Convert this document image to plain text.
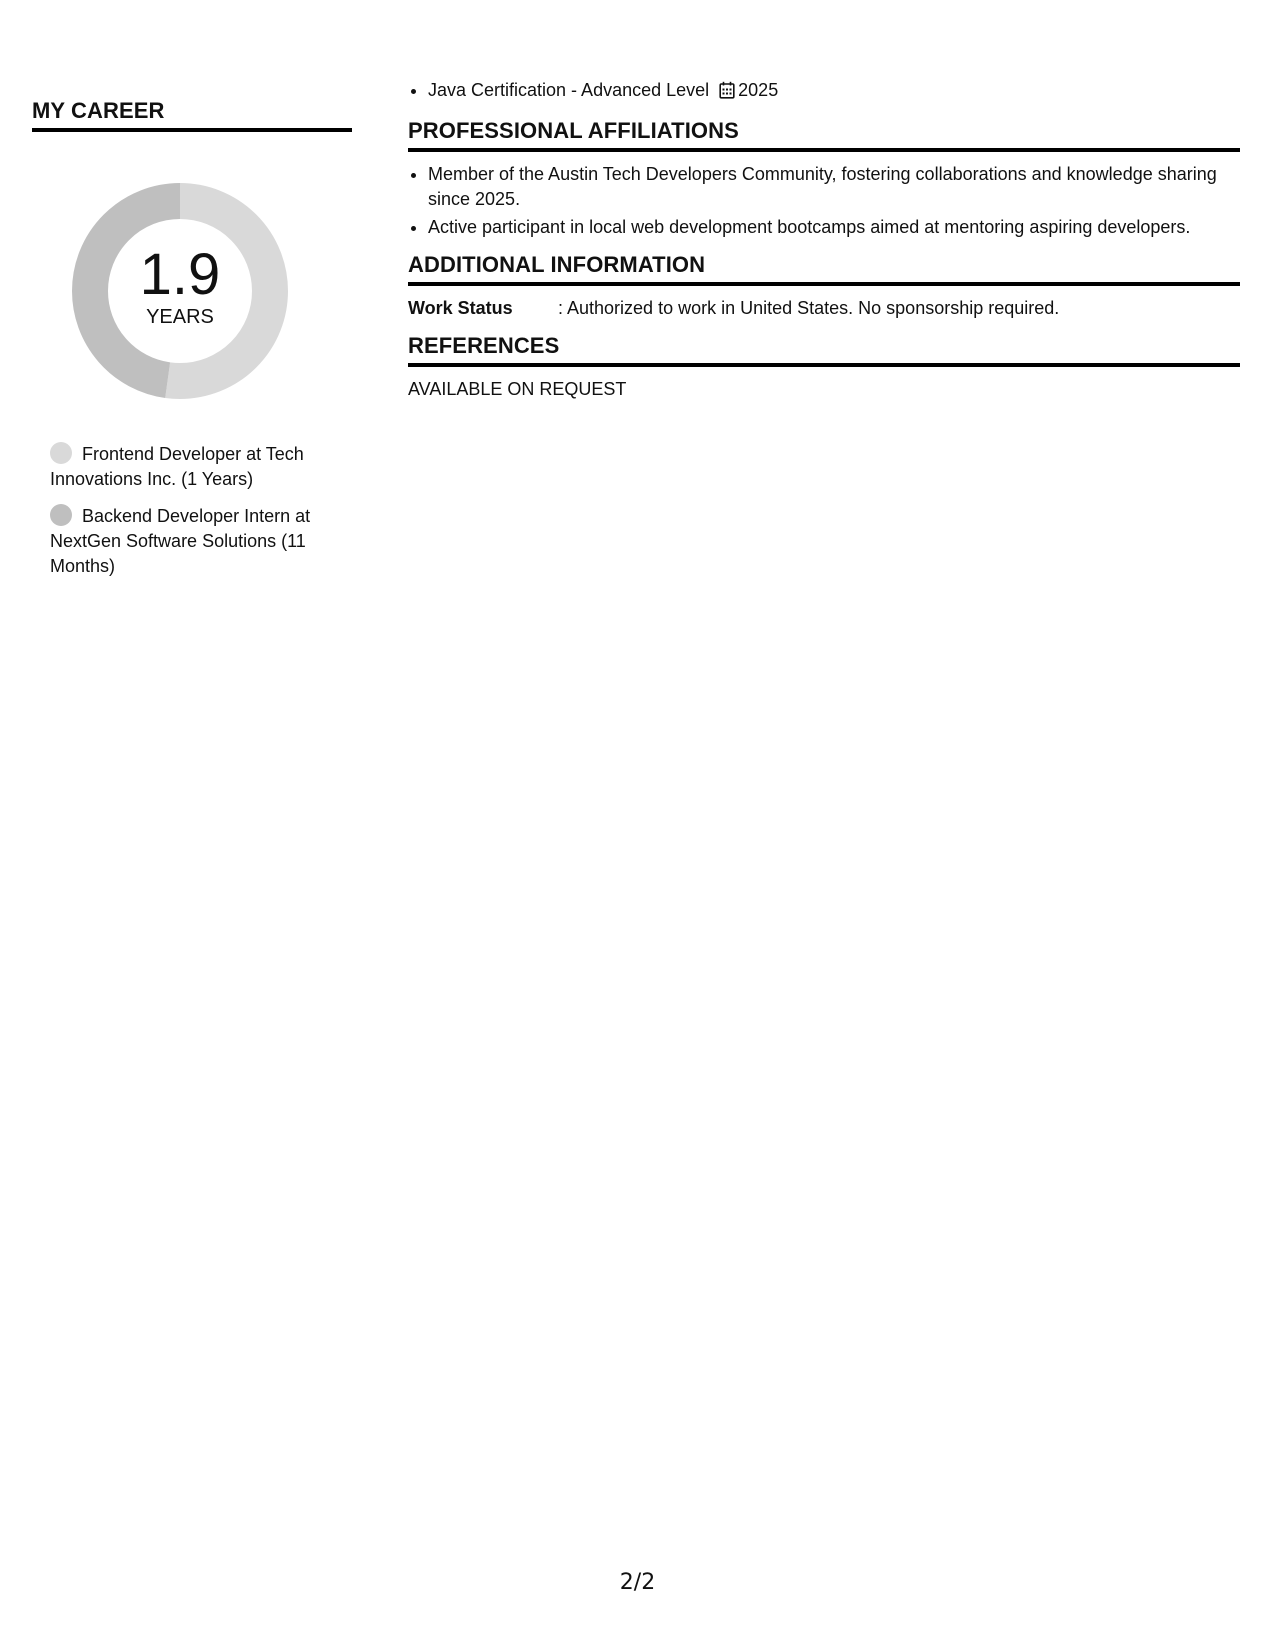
MY CAREER
1.9
YEARS
Frontend Developer at Tech Innovations Inc. (1 Years)
Backend Developer Intern at NextGen Software Solutions (11 Months)
• Java Certification - Advanced Level 2025
PROFESSIONAL AFFILIATIONS
• Member of the Austin Tech Developers Community, fostering collaborations and knowledge sharing since 2025.
• Active participant in local web development bootcamps aimed at mentoring aspiring developers.
ADDITIONAL INFORMATION
Work Status	: Authorized to work in United States. No sponsorship required.
REFERENCES
AVAILABLE ON REQUEST
2/2
